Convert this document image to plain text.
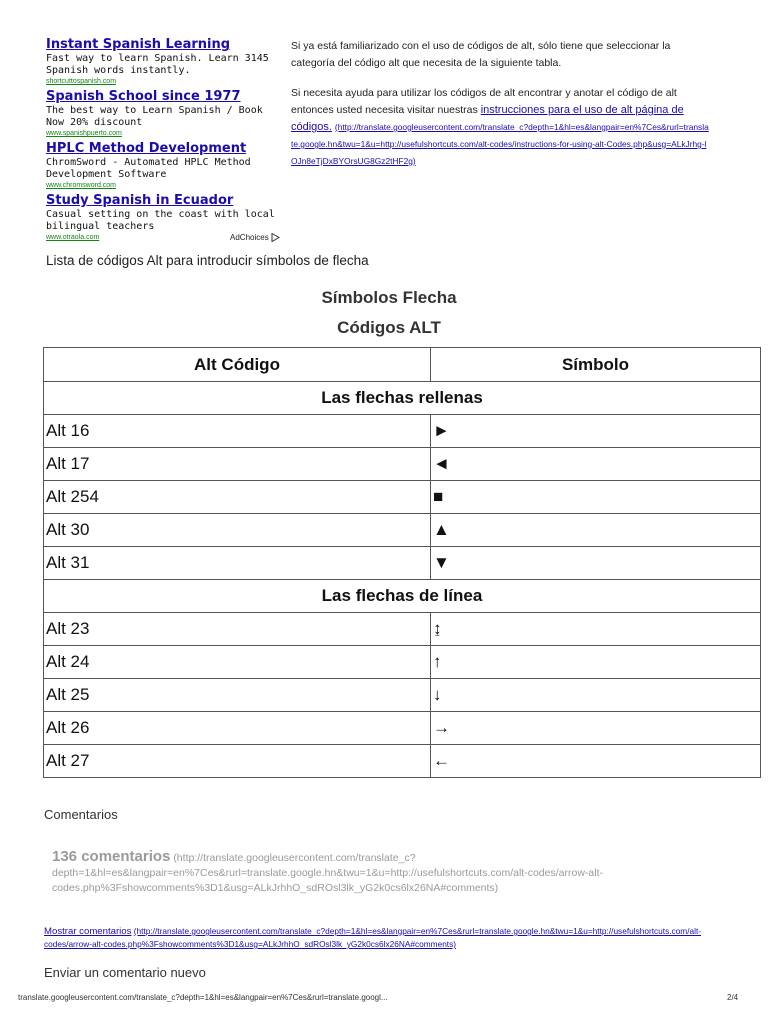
Instant Spanish Learning
Fast way to learn Spanish. Learn 3145 Spanish words instantly.
shortcuttospanish.com
Spanish School since 1977
The best way to Learn Spanish / Book Now 20% discount
www.spanishpuerto.com
HPLC Method Development
ChromSword - Automated HPLC Method Development Software
www.chromsword.com
Study Spanish in Ecuador
Casual setting on the coast with local bilingual teachers
www.otraola.com	AdChoices

Si ya está familiarizado con el uso de códigos de alt, sólo tiene que seleccionar la categoría del código alt que necesita de la siguiente tabla.

Si necesita ayuda para utilizar los códigos de alt encontrar y anotar el código de alt entonces usted necesita visitar nuestras instrucciones para el uso de alt página de códigos. (http://translate.googleusercontent.com/translate_c?depth=1&hl=es&langpair=en%7Ces&rurl=translate.google.hn&twu=1&u=http://usefulshortcuts.com/alt-codes/instructions-for-using-alt-Codes.php&usg=ALkJrhg-lOJn8eTjDxBYOrsUG8Gz2tHF2g)

Lista de códigos Alt para introducir símbolos de flecha
Símbolos Flecha
Códigos ALT
Alt Código	Símbolo
Las flechas rellenas	
Alt 16	►
Alt 17	◄
Alt 254	■
Alt 30	▲
Alt 31	▼
Las flechas de línea	
Alt 23	↨
Alt 24	↑
Alt 25	↓
Alt 26	→
Alt 27	←
Comentarios
136 comentarios (http://translate.googleusercontent.com/translate_c?depth=1&hl=es&langpair=en%7Ces&rurl=translate.google.hn&twu=1&u=http://usefulshortcuts.com/alt-codes/arrow-alt-codes.php%3Fshowcomments%3D1&usg=ALkJrhhO_sdROsl3lk_yG2k0cs6lx26NA#comments)
Mostrar comentarios (http://translate.googleusercontent.com/translate_c?depth=1&hl=es&langpair=en%7Ces&rurl=translate.google.hn&twu=1&u=http://usefulshortcuts.com/alt-codes/arrow-alt-codes.php%3Fshowcomments%3D1&usg=ALkJrhhO_sdROsl3lk_yG2k0cs6lx26NA#comments)
Enviar un comentario nuevo
translate.googleusercontent.com/translate_c?depth=1&hl=es&langpair=en%7Ces&rurl=translate.googl...	2/4
